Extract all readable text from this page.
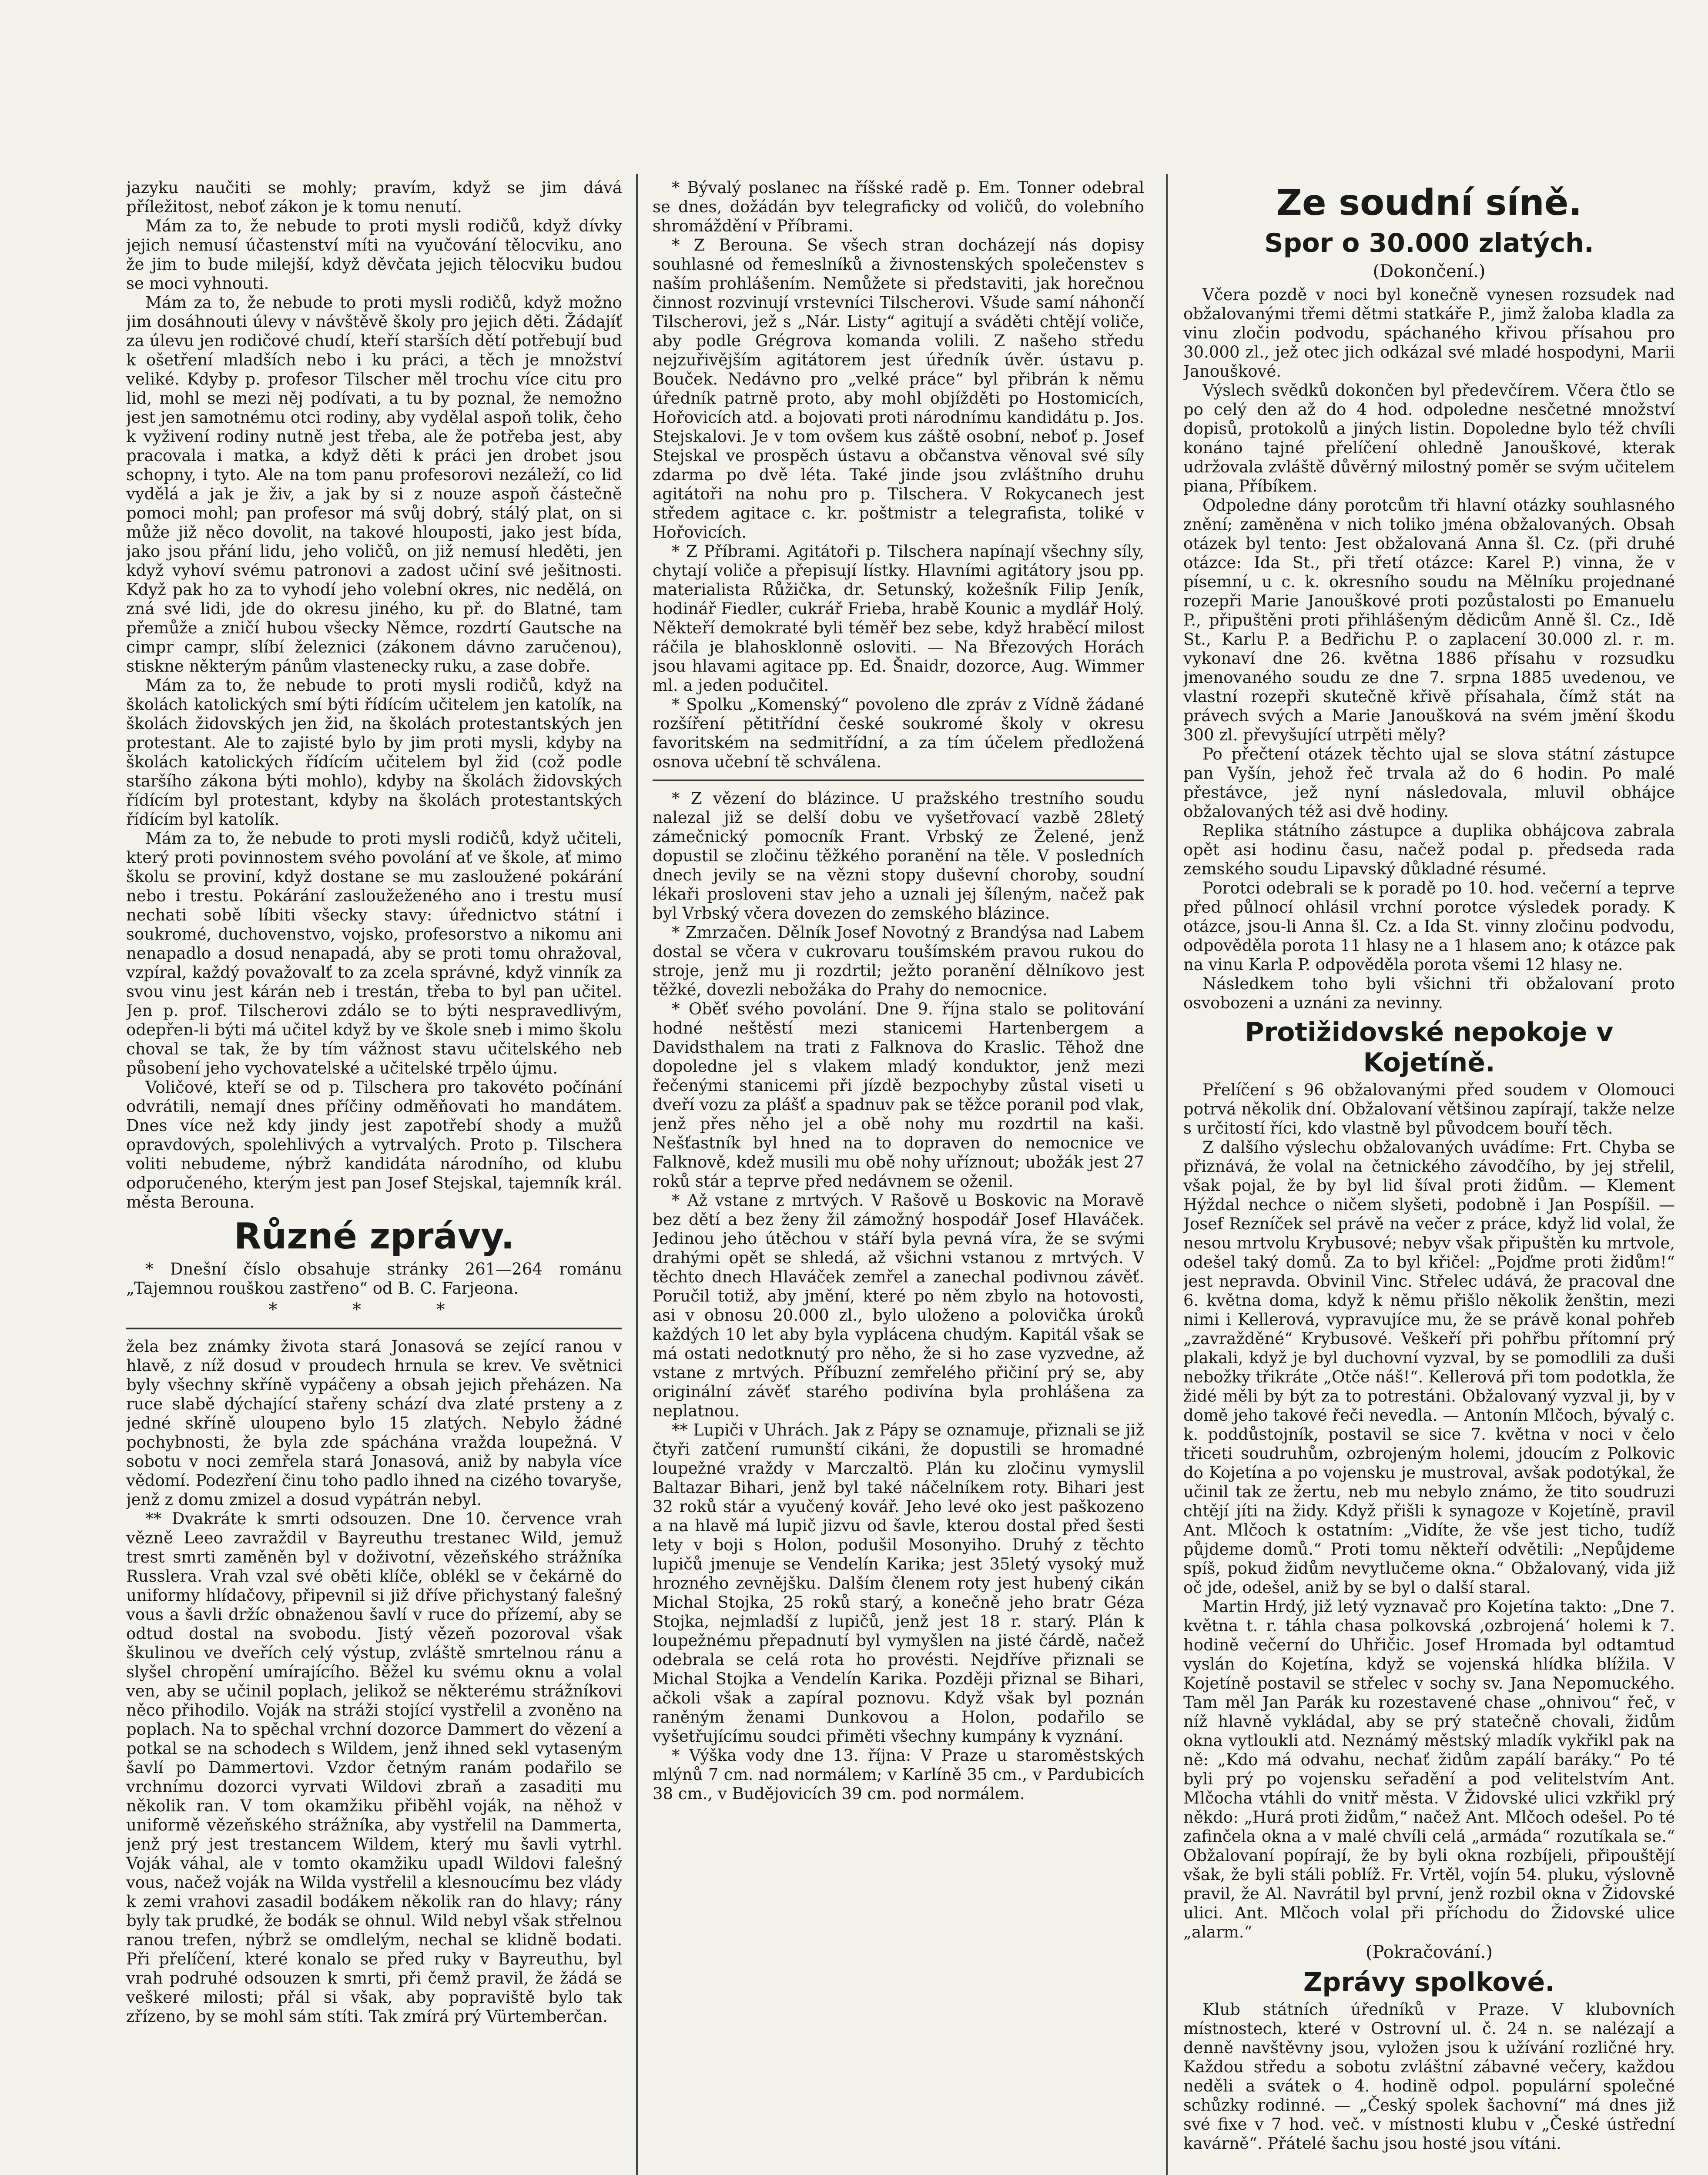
jazyku naučiti se mohly; pravím, když se jim dává příležitost, neboť zákon je k tomu nenutí.

Mám za to, že nebude to proti mysli rodičů, když dívky jejich nemusí účastenství míti na vyučování tělocviku, ano že jim to bude milejší, když děvčata jejich tělocviku budou se moci vyhnouti.

Mám za to, že nebude to proti mysli rodičů, když možno jim dosáhnouti úlevy v návštěvě školy pro jejich děti. Žádajíť za úlevu jen rodičové chudí, kteří starších dětí potřebují buď k ošetření mladších nebo i ku práci, a těch je množství veliké. Kdyby p. profesor Tilscher měl trochu více citu pro lid, mohl se mezi něj podívati, a tu by poznal, že nemožno jest jen samotnému otci rodiny, aby vydělal aspoň tolik, čeho k vyživení rodiny nutně jest třeba, ale že potřeba jest, aby pracovala i matka, a když děti k práci jen drobet jsou schopny, i tyto. Ale na tom panu profesorovi nezáleží, co lid vydělá a jak je živ, a jak by si z nouze aspoň částečně pomoci mohl; pan profesor má svůj dobrý, stálý plat, on si může již něco dovolit, na takové hlouposti, jako jest bída, jako jsou přání lidu, jeho voličů, on již nemusí hleděti, jen když vyhoví svému patronovi a zadost učiní své ješitnosti. Když pak ho za to vyhodí jeho volební okres, nic nedělá, on zná své lidi, jde do okresu jiného, ku př. do Blatné, tam přemůže a zničí hubou všecky Němce, rozdrtí Gautsche na cimpr campr, slíbí železnici (zákonem dávno zaručenou), stiskne některým pánům vlastenecky ruku, a zase dobře.

Mám za to, že nebude to proti mysli rodičů, když na školách katolických smí býti řídícím učitelem jen katolík, na školách židovských jen žid, na školách protestantských jen protestant. Ale to zajisté bylo by jim proti mysli, kdyby na školách katolických řídícím učitelem byl žid (což podle staršího zákona býti mohlo), kdyby na školách židovských řídícím byl protestant, kdyby na školách protestantských řídícím byl katolík.

Mám za to, že nebude to proti mysli rodičů, když učiteli, který proti povinnostem svého povolání ať ve škole, ať mimo školu se proviní, když dostane se mu zasloužené pokárání nebo i trestu. Pokárání zasloužeženého ano i trestu musí nechati sobě líbiti všecky stavy: úřednictvo státní i soukromé, duchovenstvo, vojsko, profesorstvo a nikomu ani nenapadlo a dosud nenapadá, aby se proti tomu ohražoval, vzpíral, každý považovalť to za zcela správné, když vinník za svou vinu jest kárán neb i trestán, třeba to byl pan učitel. Jen p. prof. Tilscherovi zdálo se to býti nespravedlivým, odepřen-li býti má učitel když by ve škole sneb i mimo školu choval se tak, že by tím vážnost stavu učitelského neb působení jeho vychovatelské a učitelské trpělo újmu.

Voličové, kteří se od p. Tilschera pro takovéto počínání odvrátili, nemají dnes příčiny odměňovati ho mandátem. Dnes více než kdy jindy jest zapotřebí shody a mužů opravdových, spolehlivých a vytrvalých. Proto p. Tilschera voliti nebudeme, nýbrž kandidáta národního, od klubu odporučeného, kterým jest pan Josef Stejskal, tajemník král. města Berouna.

Různé zprávy.

* Dnešní číslo obsahuje stránky 261—264 románu „Tajemnou rouškou zastřeno“ od B. C. Farjeona.

* * *

žela bez známky života stará Jonasová se zející ranou v hlavě, z níž dosud v proudech hrnula se krev. Ve světnici byly všechny skříně vypáčeny a obsah jejich přeházen. Na ruce slabě dýchající stařeny schází dva zlaté prsteny a z jedné skříně uloupeno bylo 15 zlatých. Nebylo žádné pochybnosti, že byla zde spáchána vražda loupežná. V sobotu v noci zemřela stará Jonasová, aniž by nabyla více vědomí. Podezření činu toho padlo ihned na cizého tovaryše, jenž z domu zmizel a dosud vypátrán nebyl.

** Dvakráte k smrti odsouzen. Dne 10. července vrah vězně Leeo zavraždil v Bayreuthu trestanec Wild, jemuž trest smrti zaměněn byl v doživotní, vězeňského strážníka Russlera. Vrah vzal své oběti klíče, oblékl se v čekárně do uniformy hlídačovy, připevnil si již dříve přichystaný falešný vous a šavli držíc obnaženou šavlí v ruce do přízemí, aby se odtud dostal na svobodu. Jistý vězeň pozoroval však škulinou ve dveřích celý výstup, zvláště smrtelnou ránu a slyšel chropění umírajícího. Běžel ku svému oknu a volal ven, aby se učinil poplach, jelikož se některému strážníkovi něco přihodilo. Voják na stráži stojící vystřelil a zvoněno na poplach. Na to spěchal vrchní dozorce Dammert do vězení a potkal se na schodech s Wildem, jenž ihned sekl vytaseným šavlí po Dammertovi. Vzdor četným ranám podařilo se vrchnímu dozorci vyrvati Wildovi zbraň a zasaditi mu několik ran. V tom okamžiku přiběhl voják, na něhož v uniformě vězeňského strážníka, aby vystřelil na Dammerta, jenž prý jest trestancem Wildem, který mu šavli vytrhl. Voják váhal, ale v tomto okamžiku upadl Wildovi falešný vous, načež voják na Wilda vystřelil a klesnoucímu bez vlády k zemi vrahovi zasadil bodákem několik ran do hlavy; rány byly tak prudké, že bodák se ohnul. Wild nebyl však střelnou ranou trefen, nýbrž se omdlelým, nechal se klidně bodati. Při přelíčení, které konalo se před ruky v Bayreuthu, byl vrah podruhé odsouzen k smrti, při čemž pravil, že žádá se veškeré milosti; přál si však, aby popraviště bylo tak zřízeno, by se mohl sám stíti. Tak zmírá prý Vürtemberčan.

* Bývalý poslanec na říšské radě p. Em. Tonner odebral se dnes, dožádán byv telegraficky od voličů, do volebního shromáždění v Příbrami.

* Z Berouna. Se všech stran docházejí nás dopisy souhlasné od řemeslníků a živnostenských společenstev s naším prohlášením. Nemůžete si představiti, jak horečnou činnost rozvinují vrstevníci Tilscherovi. Všude samí náhončí Tilscherovi, jež s „Nár. Listy“ agitují a sváděti chtějí voliče, aby podle Grégrova komanda volili. Z našeho středu nejzuřivějším agitátorem jest úředník úvěr. ústavu p. Bouček. Nedávno pro „velké práce“ byl přibrán k němu úředník patrně proto, aby mohl objížděti po Hostomicích, Hořovicích atd. a bojovati proti národnímu kandidátu p. Jos. Stejskalovi. Je v tom ovšem kus záště osobní, neboť p. Josef Stejskal ve prospěch ústavu a občanstva věnoval své síly zdarma po dvě léta. Také jinde jsou zvláštního druhu agitátoři na nohu pro p. Tilschera. V Rokycanech jest středem agitace c. kr. poštmistr a telegrafista, toliké v Hořovicích.

* Z Příbrami. Agitátoři p. Tilschera napínají všechny síly, chytají voliče a přepisují lístky. Hlavními agitátory jsou pp. materialista Růžička, dr. Setunský, kožešník Filip Jeník, hodinář Fiedler, cukrář Frieba, hrabě Kounic a mydlář Holý. Někteří demokraté byli téměř bez sebe, když hraběcí milost ráčila je blahosklonně osloviti. — Na Březových Horách jsou hlavami agitace pp. Ed. Šnaidr, dozorce, Aug. Wimmer ml. a jeden podučitel.

* Spolku „Komenský“ povoleno dle zpráv z Vídně žádané rozšíření pětitřídní české soukromé školy v okresu favoritském na sedmitřídní, a za tím účelem předložená osnova učební tě schválena.

* Z vězení do blázince. U pražského trestního soudu nalezal již se delší dobu ve vyšetřovací vazbě 28letý zámečnický pomocník Frant. Vrbský ze Želené, jenž dopustil se zločinu těžkého poranění na těle. V posledních dnech jevily se na vězni stopy duševní choroby, soudní lékaři prosloveni stav jeho a uznali jej šíleným, načež pak byl Vrbský včera dovezen do zemského blázince.

* Zmrzačen. Dělník Josef Novotný z Brandýsa nad Labem dostal se včera v cukrovaru toušímském pravou rukou do stroje, jenž mu ji rozdrtil; ježto poranění dělníkovo jest těžké, dovezli nebožáka do Prahy do nemocnice.

* Oběť svého povolání. Dne 9. října stalo se politování hodné neštěstí mezi stanicemi Hartenbergem a Davidsthalem na trati z Falknova do Kraslic. Těhož dne dopoledne jel s vlakem mladý konduktor, jenž mezi řečenými stanicemi při jízdě bezpochyby zůstal viseti u dveří vozu za plášť a spadnuv pak se těžce poranil pod vlak, jenž přes něho jel a obě nohy mu rozdrtil na kaši. Nešťastník byl hned na to dopraven do nemocnice ve Falknově, kdež musili mu obě nohy uříznout; ubožák jest 27 roků stár a teprve před nedávnem se oženil.

* Až vstane z mrtvých. V Rašově u Boskovic na Moravě bez dětí a bez ženy žil zámožný hospodář Josef Hlaváček. Jedinou jeho útěchou v stáří byla pevná víra, že se svými drahými opět se shledá, až všichni vstanou z mrtvých. V těchto dnech Hlaváček zemřel a zanechal podivnou závěť. Poručil totiž, aby jmění, které po něm zbylo na hotovosti, asi v obnosu 20.000 zl., bylo uloženo a polovička úroků každých 10 let aby byla vyplácena chudým. Kapitál však se má ostati nedotknutý pro něho, že si ho zase vyzvedne, až vstane z mrtvých. Příbuzní zemřelého přičiní prý se, aby originální závěť starého podivína byla prohlášena za neplatnou.

** Lupiči v Uhrách. Jak z Pápy se oznamuje, přiznali se již čtyři zatčení rumunští cikáni, že dopustili se hromadné loupežné vraždy v Marczaltö. Plán ku zločinu vymyslil Baltazar Bihari, jenž byl také náčelníkem roty. Bihari jest 32 roků stár a vyučený kovář. Jeho levé oko jest paškozeno a na hlavě má lupič jizvu od šavle, kterou dostal před šesti lety v boji s Holon, podušil Mosonyiho. Druhý z těchto lupičů jmenuje se Vendelín Karika; jest 35letý vysoký muž hrozného zevnějšku. Dalším členem roty jest hubený cikán Michal Stojka, 25 roků starý, a konečně jeho bratr Géza Stojka, nejmladší z lupičů, jenž jest 18 r. starý. Plán k loupežnému přepadnutí byl vymyšlen na jisté čárdě, načež odebrala se celá rota ho provésti. Nejdříve přiznali se Michal Stojka a Vendelín Karika. Později přiznal se Bihari, ačkoli však a zapíral poznovu. Když však byl poznán raněným ženami Dunkovou a Holon, podařilo se vyšetřujícímu soudci přiměti všechny kumpány k vyznání.

* Výška vody dne 13. října: V Praze u staroměstských mlýnů 7 cm. nad normálem; v Karlíně 35 cm., v Pardubicích 38 cm., v Budějovicích 39 cm. pod normálem.

Ze soudní síně.
Spor o 30.000 zlatých.
(Dokončení.)

Včera pozdě v noci byl konečně vynesen rozsudek nad obžalovanými třemi dětmi statkáře P., jimž žaloba kladla za vinu zločin podvodu, spáchaného křivou přísahou pro 30.000 zl., jež otec jich odkázal své mladé hospodyni, Marii Janouškové.

Výslech svědků dokončen byl předevčírem. Včera čtlo se po celý den až do 4 hod. odpoledne nesčetné množství dopisů, protokolů a jiných listin. Dopoledne bylo též chvíli konáno tajné přelíčení ohledně Janouškové, kterak udržovala zvláště důvěrný milostný poměr se svým učitelem piana, Příbíkem.

Odpoledne dány porotcům tři hlavní otázky souhlasného znění; zaměněna v nich toliko jména obžalovaných. Obsah otázek byl tento: Jest obžalovaná Anna šl. Cz. (při druhé otázce: Ida St., při třetí otázce: Karel P.) vinna, že v písemní, u c. k. okresního soudu na Mělníku projednané rozepři Marie Janouškové proti pozůstalosti po Emanuelu P., připuštěni proti přihlášeným dědicům Anně šl. Cz., Idě St., Karlu P. a Bedřichu P. o zaplacení 30.000 zl. r. m. vykonaví dne 26. května 1886 přísahu v rozsudku jmenovaného soudu ze dne 7. srpna 1885 uvedenou, ve vlastní rozepři skutečně křivě přísahala, čímž stát na právech svých a Marie Janoušková na svém jmění škodu 300 zl. převyšující utrpěti měly?

Po přečtení otázek těchto ujal se slova státní zástupce pan Vyšín, jehož řeč trvala až do 6 hodin. Po malé přestávce, jež nyní následovala, mluvil obhájce obžalovaných též asi dvě hodiny.

Replika státního zástupce a duplika obhájcova zabrala opět asi hodinu času, načež podal p. předseda rada zemského soudu Lipavský důkladné résumé.

Porotci odebrali se k poradě po 10. hod. večerní a teprve před půlnocí ohlásil vrchní porotce výsledek porady. K otázce, jsou-li Anna šl. Cz. a Ida St. vinny zločinu podvodu, odpověděla porota 11 hlasy ne a 1 hlasem ano; k otázce pak na vinu Karla P. odpověděla porota všemi 12 hlasy ne.

Následkem toho byli všichni tři obžalovaní proto osvobozeni a uznáni za nevinny.

Protižidovské nepokoje v Kojetíně.

Přelíčení s 96 obžalovanými před soudem v Olomouci potrvá několik dní. Obžalovaní většinou zapírají, takže nelze s určitostí říci, kdo vlastně byl původcem bouří těch.

Z dalšího výslechu obžalovaných uvádíme: Frt. Chyba se přiznává, že volal na četnického závodčího, by jej střelil, však pojal, že by byl lid šíval proti židům. — Klement Hýždal nechce o ničem slyšeti, podobně i Jan Pospíšil. — Josef Rezníček sel právě na večer z práce, když lid volal, že nesou mrtvolu Krybusové; nebyv však připuštěn ku mrtvole, odešel taký domů. Za to byl křičel: „Pojďme proti židům!“ jest nepravda. Obvinil Vinc. Střelec udává, že pracoval dne 6. května doma, když k němu přišlo několik ženštin, mezi nimi i Kellerová, vypravujíce mu, že se právě konal pohřeb „zavražděné“ Krybusové. Veškeří při pohřbu přítomní prý plakali, když je byl duchovní vyzval, by se pomodlili za duši nebožky třikráte „Otče náš!“. Kellerová při tom podotkla, že židé měli by být za to potrestáni. Obžalovaný vyzval ji, by v domě jeho takové řeči nevedla. — Antonín Mlčoch, bývalý c. k. poddůstojník, postavil se sice 7. května v noci v čelo třiceti soudruhům, ozbrojeným holemi, jdoucím z Polkovic do Kojetína a po vojensku je mustroval, avšak podotýkal, že učinil tak ze žertu, neb mu nebylo známo, že tito soudruzi chtějí jíti na židy. Když přišli k synagoze v Kojetíně, pravil Ant. Mlčoch k ostatním: „Vidíte, že vše jest ticho, tudíž půjdeme domů.“ Proti tomu někteří odvětili: „Nepůjdeme spíš, pokud židům nevytlučeme okna.“ Obžalovaný, vida již oč jde, odešel, aniž by se byl o další staral.

Martin Hrdý, již letý vyznavač pro Kojetína takto: „Dne 7. května t. r. táhla chasa polkovská ‚ozbrojená‘ holemi k 7. hodině večerní do Uhřičic. Josef Hromada byl odtamtud vyslán do Kojetína, když se vojenská hlídka blížila. V Kojetíně postavil se střelec v sochy sv. Jana Nepomuckého. Tam měl Jan Parák ku rozestavené chase „ohnivou“ řeč, v níž hlavně vykládal, aby se prý statečně chovali, židům okna vytloukli atd. Neznámý městský mladík vykřikl pak na ně: „Kdo má odvahu, nechať židům zapálí baráky.“ Po té byli prý po vojensku seřadění a pod velitelstvím Ant. Mlčocha vtáhli do vnitř města. V Židovské ulici vzkřikl prý někdo: „Hurá proti židům,“ načež Ant. Mlčoch odešel. Po té zafinčela okna a v malé chvíli celá „armáda“ rozutíkala se.“ Obžalovaní popírají, že by byli okna rozbíjeli, připouštějí však, že byli stáli poblíž. Fr. Vrtěl, vojín 54. pluku, výslovně pravil, že Al. Navrátil byl první, jenž rozbil okna v Židovské ulici. Ant. Mlčoch volal při příchodu do Židovské ulice „alarm.“

(Pokračování.)
Zprávy spolkové.

Klub státních úředníků v Praze. V klubovních místnostech, které v Ostrovní ul. č. 24 n. se nalézají a denně navštěvny jsou, vyložen jsou k užívání rozličné hry. Každou středu a sobotu zvláštní zábavné večery, každou neděli a svátek o 4. hodině odpol. populární společné schůzky rodinné. — „Český spolek šachovní“ má dnes již své fixe v 7 hod. več. v místnosti klubu v „České ústřední kavárně“. Přátelé šachu jsou hosté jsou vítáni.
